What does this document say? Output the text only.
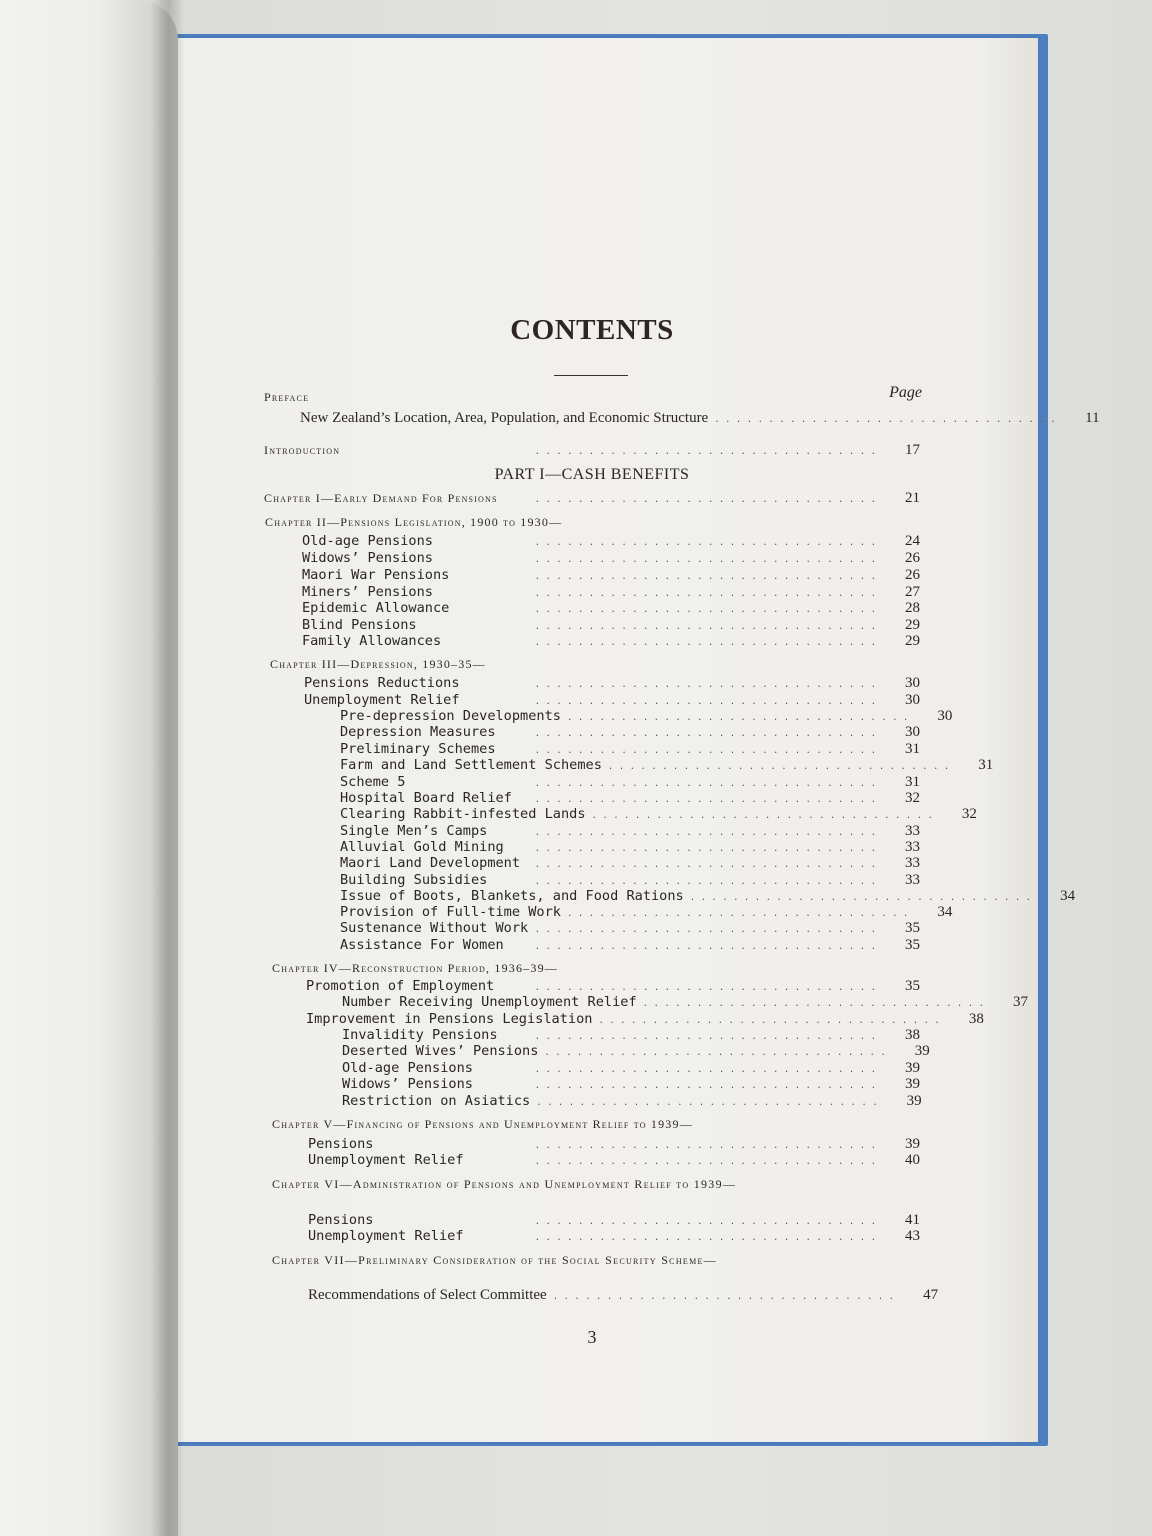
CONTENTS
Page
Preface
New Zealand’s Location, Area, Population, and Economic Structure . . . . . . . . . . . . . . . . . . . . . . . . . . . . . . . .	11
Introduction	. . . . . . . . . . . . . . . . . . . . . . . . . . . . . . . .	17
PART I—CASH BENEFITS
Chapter I—Early Demand For Pensions	. . . . . . . . . . . . . . . . . . . . . . . . . . . . . . . .	21
Chapter II—Pensions Legislation, 1900 to 1930—
Old-age Pensions	. . . . . . . . . . . . . . . . . . . . . . . . . . . . . . . .	24
Widows’ Pensions	. . . . . . . . . . . . . . . . . . . . . . . . . . . . . . . .	26
Maori War Pensions	. . . . . . . . . . . . . . . . . . . . . . . . . . . . . . . .	26
Miners’ Pensions	. . . . . . . . . . . . . . . . . . . . . . . . . . . . . . . .	27
Epidemic Allowance	. . . . . . . . . . . . . . . . . . . . . . . . . . . . . . . .	28
Blind Pensions	. . . . . . . . . . . . . . . . . . . . . . . . . . . . . . . .	29
Family Allowances	. . . . . . . . . . . . . . . . . . . . . . . . . . . . . . . .	29
Chapter III—Depression, 1930–35—
Pensions Reductions	. . . . . . . . . . . . . . . . . . . . . . . . . . . . . . . .	30
Unemployment Relief	. . . . . . . . . . . . . . . . . . . . . . . . . . . . . . . .	30
Pre-depression Developments . . . . . . . . . . . . . . . . . . . . . . . . . . . . . . . .	30
Depression Measures	. . . . . . . . . . . . . . . . . . . . . . . . . . . . . . . .	30
Preliminary Schemes	. . . . . . . . . . . . . . . . . . . . . . . . . . . . . . . .	31
Farm and Land Settlement Schemes . . . . . . . . . . . . . . . . . . . . . . . . . . . . . . . .	31
Scheme 5	. . . . . . . . . . . . . . . . . . . . . . . . . . . . . . . .	31
Hospital Board Relief	. . . . . . . . . . . . . . . . . . . . . . . . . . . . . . . .	32
Clearing Rabbit-infested Lands . . . . . . . . . . . . . . . . . . . . . . . . . . . . . . . .	32
Single Men’s Camps	. . . . . . . . . . . . . . . . . . . . . . . . . . . . . . . .	33
Alluvial Gold Mining	. . . . . . . . . . . . . . . . . . . . . . . . . . . . . . . .	33
Maori Land Development	. . . . . . . . . . . . . . . . . . . . . . . . . . . . . . . .	33
Building Subsidies	. . . . . . . . . . . . . . . . . . . . . . . . . . . . . . . .	33
Issue of Boots, Blankets, and Food Rations . . . . . . . . . . . . . . . . . . . . . . . . . . . . . . . .	34
Provision of Full-time Work . . . . . . . . . . . . . . . . . . . . . . . . . . . . . . . .	34
Sustenance Without Work . . . . . . . . . . . . . . . . . . . . . . . . . . . . . . . .	35
Assistance For Women	. . . . . . . . . . . . . . . . . . . . . . . . . . . . . . . .	35
Chapter IV—Reconstruction Period, 1936–39—
Promotion of Employment	. . . . . . . . . . . . . . . . . . . . . . . . . . . . . . . .	35
Number Receiving Unemployment Relief . . . . . . . . . . . . . . . . . . . . . . . . . . . . . . . .	37
Improvement in Pensions Legislation . . . . . . . . . . . . . . . . . . . . . . . . . . . . . . . .	38
Invalidity Pensions	. . . . . . . . . . . . . . . . . . . . . . . . . . . . . . . .	38
Deserted Wives’ Pensions . . . . . . . . . . . . . . . . . . . . . . . . . . . . . . . .	39
Old-age Pensions	. . . . . . . . . . . . . . . . . . . . . . . . . . . . . . . .	39
Widows’ Pensions	. . . . . . . . . . . . . . . . . . . . . . . . . . . . . . . .	39
Restriction on Asiatics . . . . . . . . . . . . . . . . . . . . . . . . . . . . . . . .	39
Chapter V—Financing of Pensions and Unemployment Relief to 1939—
Pensions	. . . . . . . . . . . . . . . . . . . . . . . . . . . . . . . .	39
Unemployment Relief	. . . . . . . . . . . . . . . . . . . . . . . . . . . . . . . .	40
Chapter VI—Administration of Pensions and Unemployment Relief to 1939—
Pensions	. . . . . . . . . . . . . . . . . . . . . . . . . . . . . . . .	41
Unemployment Relief	. . . . . . . . . . . . . . . . . . . . . . . . . . . . . . . .	43
Chapter VII—Preliminary Consideration of the Social Security Scheme—
Recommendations of Select Committee . . . . . . . . . . . . . . . . . . . . . . . . . . . . . . . .	47
3
